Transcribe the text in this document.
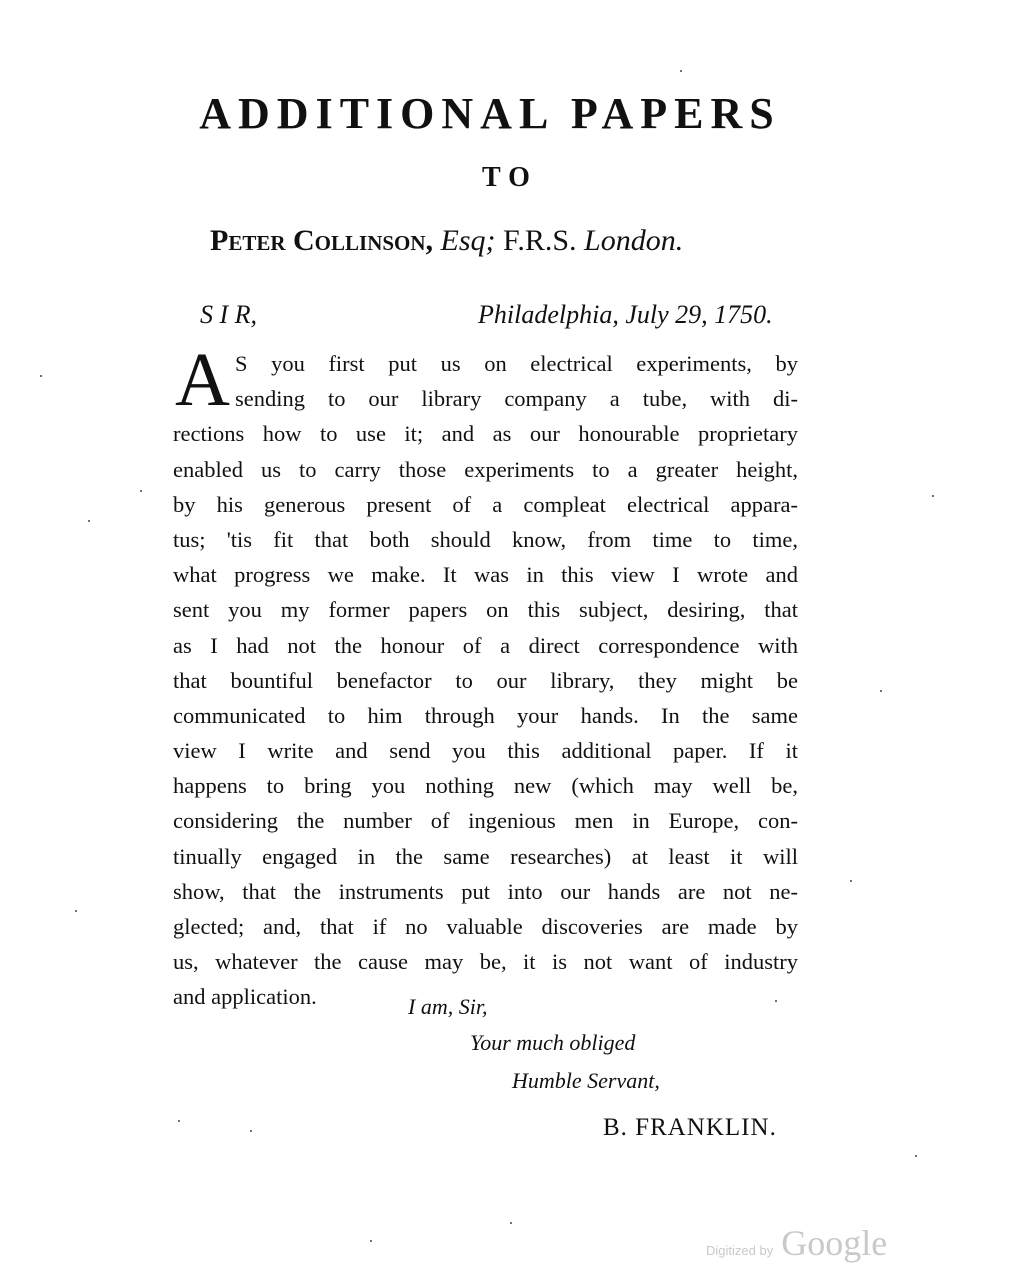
ADDITIONAL PAPERS
TO
Peter Collinson, Esq; F.R.S. London.
S I R,	Philadelphia, July 29, 1750.
A S you first put us on electrical experiments, by
sending to our library company a tube, with di-
rections how to use it; and as our honourable proprietary
enabled us to carry those experiments to a greater height,
by his generous present of a compleat electrical appara-
tus; 'tis fit that both should know, from time to time,
what progress we make. It was in this view I wrote and
sent you my former papers on this subject, desiring, that
as I had not the honour of a direct correspondence with
that bountiful benefactor to our library, they might be
communicated to him through your hands. In the same
view I write and send you this additional paper. If it
happens to bring you nothing new (which may well be,
considering the number of ingenious men in Europe, con-
tinually engaged in the same researches) at least it will
show, that the instruments put into our hands are not ne-
glected; and, that if no valuable discoveries are made by
us, whatever the cause may be, it is not want of industry
and application.	I am, Sir,
Your much obliged
Humble Servant,
B. FRANKLIN.
Digitized by Google
